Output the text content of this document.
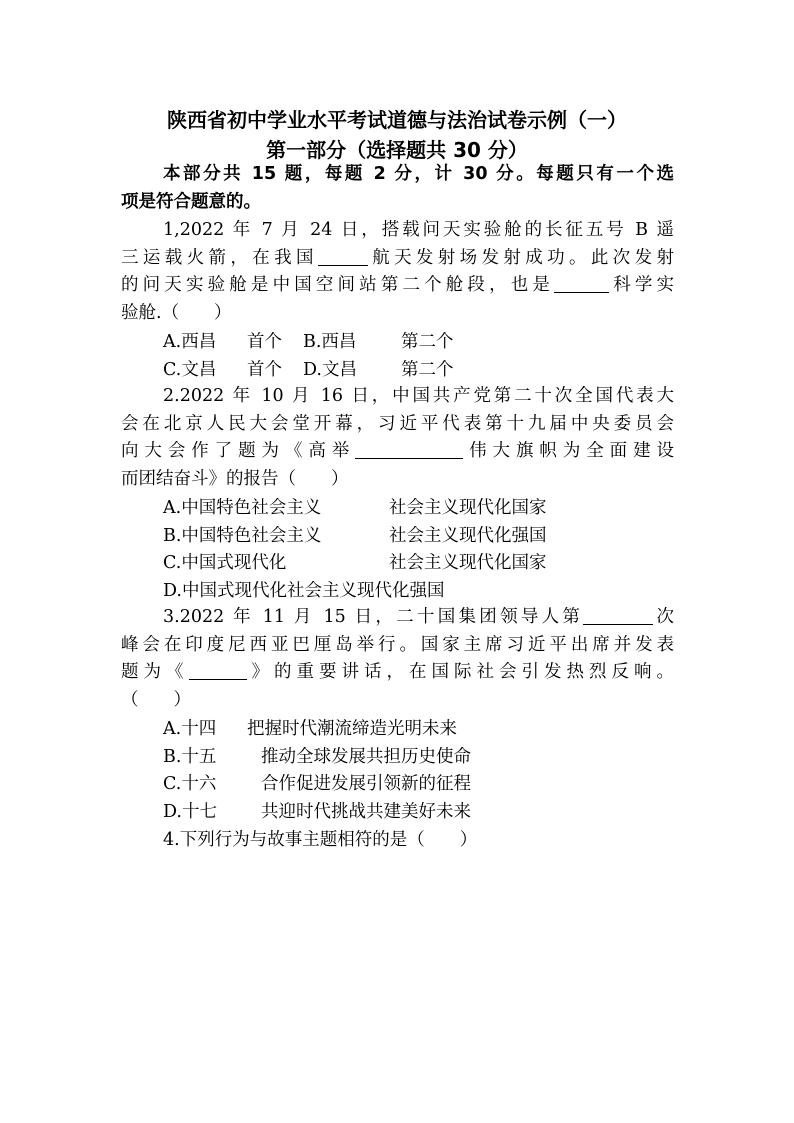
陕西省初中学业水平考试道德与法治试卷示例（一）
第一部分（选择题共 30 分）
本部分共 15 题，每题 2 分，计 30 分。每题只有一个选
项是符合题意的。
1,2022 年 7 月 24 日，搭载问天实验舱的长征五号 B 遥
三运载火箭，在我国	航天发射场发射成功。此次发射
的问天实验舱是中国空间站第二个舱段，也是	科学实
验舱.（　　）
A.西昌 首个 B.西昌	第二个
C.文昌 首个 D.文昌	第二个
2.2022 年 10 月 16 日，中国共产党第二十次全国代表大
会在北京人民大会堂开幕，习近平代表第十九届中央委员会
向大会作了题为《高举	伟大旗帜为全面建设
而团结奋斗》的报告（　　）
A.中国特色社会主义	社会主义现代化国家
B.中国特色社会主义	社会主义现代化强国
C.中国式现代化	社会主义现代化国家
D.中国式现代化社会主义现代化强国
3.2022 年 11 月 15 日，二十国集团领导人第	次
峰会在印度尼西亚巴厘岛举行。国家主席习近平出席并发表
题为《	》的重要讲话，在国际社会引发热烈反响。
（　　）
A.十四 把握时代潮流缔造光明未来
B.十五	推动全球发展共担历史使命
C.十六	合作促进发展引领新的征程
D.十七	共迎时代挑战共建美好未来
4.下列行为与故事主题相符的是（　　）
